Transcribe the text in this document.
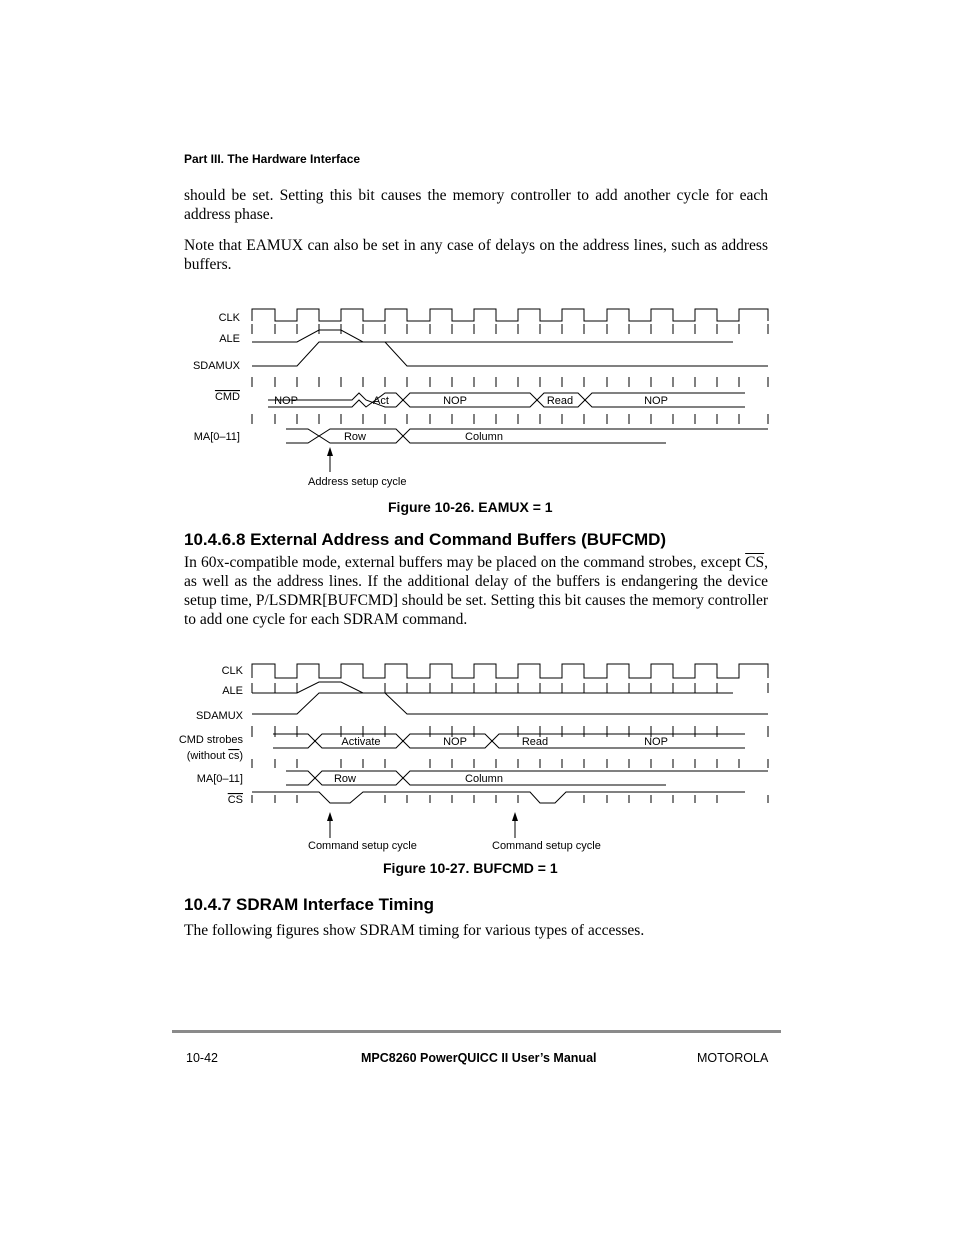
Part III. The Hardware Interface
should be set. Setting this bit causes the memory controller to add another cycle for each address phase.
Note that EAMUX can also be set in any case of delays on the address lines, such as address buffers.
CLK
ALE
SDAMUX
CMD
MA[0–11]
NOP	Act	NOP	Read	NOP
Row	Column
Address setup cycle
Figure 10-26. EAMUX = 1
10.4.6.8 External Address and Command Buffers (BUFCMD)
In 60x-compatible mode, external buffers may be placed on the command strobes, except $\overline{CS}$, as well as the address lines. If the additional delay of the buffers is endangering the device setup time, P/LSDMR[BUFCMD] should be set. Setting this bit causes the memory controller to add one cycle for each SDRAM command.
CLK
ALE
SDAMUX
CMD strobes
(without cs)
MA[0–11]
CS
Activate	NOP	Read	NOP
Row	Column
Command setup cycle	Command setup cycle
Figure 10-27. BUFCMD = 1
10.4.7 SDRAM Interface Timing
The following figures show SDRAM timing for various types of accesses.
10-42	MPC8260 PowerQUICC II User’s Manual	MOTOROLA
